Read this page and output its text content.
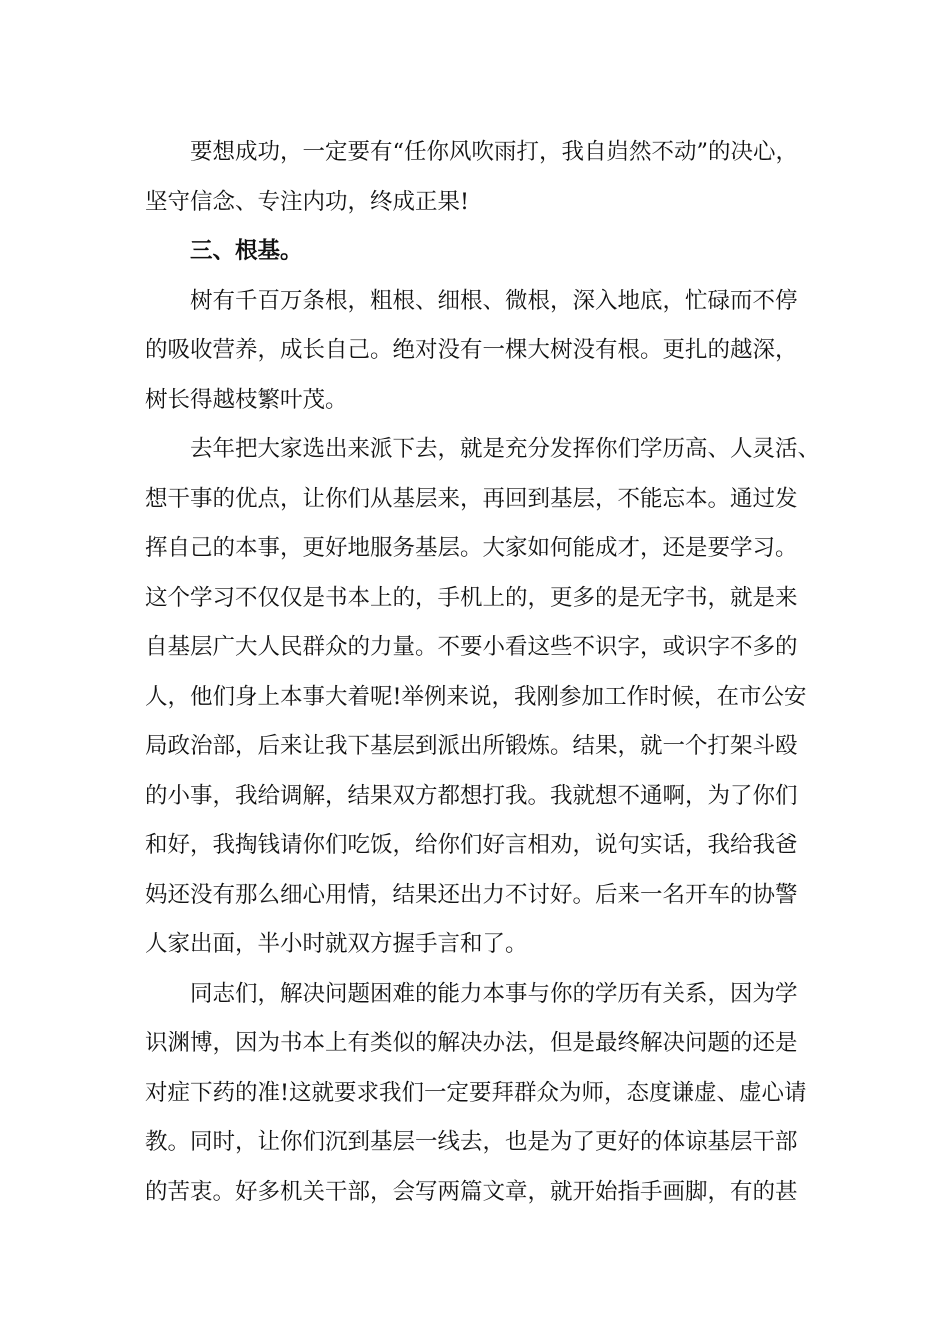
要想成功，一定要有“任你风吹雨打，我自岿然不动”的决心，
坚守信念、专注内功，终成正果!
三、根基。
树有千百万条根，粗根、细根、微根，深入地底，忙碌而不停
的吸收营养，成长自己。绝对没有一棵大树没有根。更扎的越深，
树长得越枝繁叶茂。
去年把大家选出来派下去，就是充分发挥你们学历高、人灵活、
想干事的优点，让你们从基层来，再回到基层，不能忘本。通过发
挥自己的本事，更好地服务基层。大家如何能成才，还是要学习。
这个学习不仅仅是书本上的，手机上的，更多的是无字书，就是来
自基层广大人民群众的力量。不要小看这些不识字，或识字不多的
人，他们身上本事大着呢!举例来说，我刚参加工作时候，在市公安
局政治部，后来让我下基层到派出所锻炼。结果，就一个打架斗殴
的小事，我给调解，结果双方都想打我。我就想不通啊，为了你们
和好，我掏钱请你们吃饭，给你们好言相劝，说句实话，我给我爸
妈还没有那么细心用情，结果还出力不讨好。后来一名开车的协警
人家出面，半小时就双方握手言和了。
同志们，解决问题困难的能力本事与你的学历有关系，因为学
识渊博，因为书本上有类似的解决办法，但是最终解决问题的还是
对症下药的准!这就要求我们一定要拜群众为师，态度谦虚、虚心请
教。同时，让你们沉到基层一线去，也是为了更好的体谅基层干部
的苦衷。好多机关干部，会写两篇文章，就开始指手画脚，有的甚
